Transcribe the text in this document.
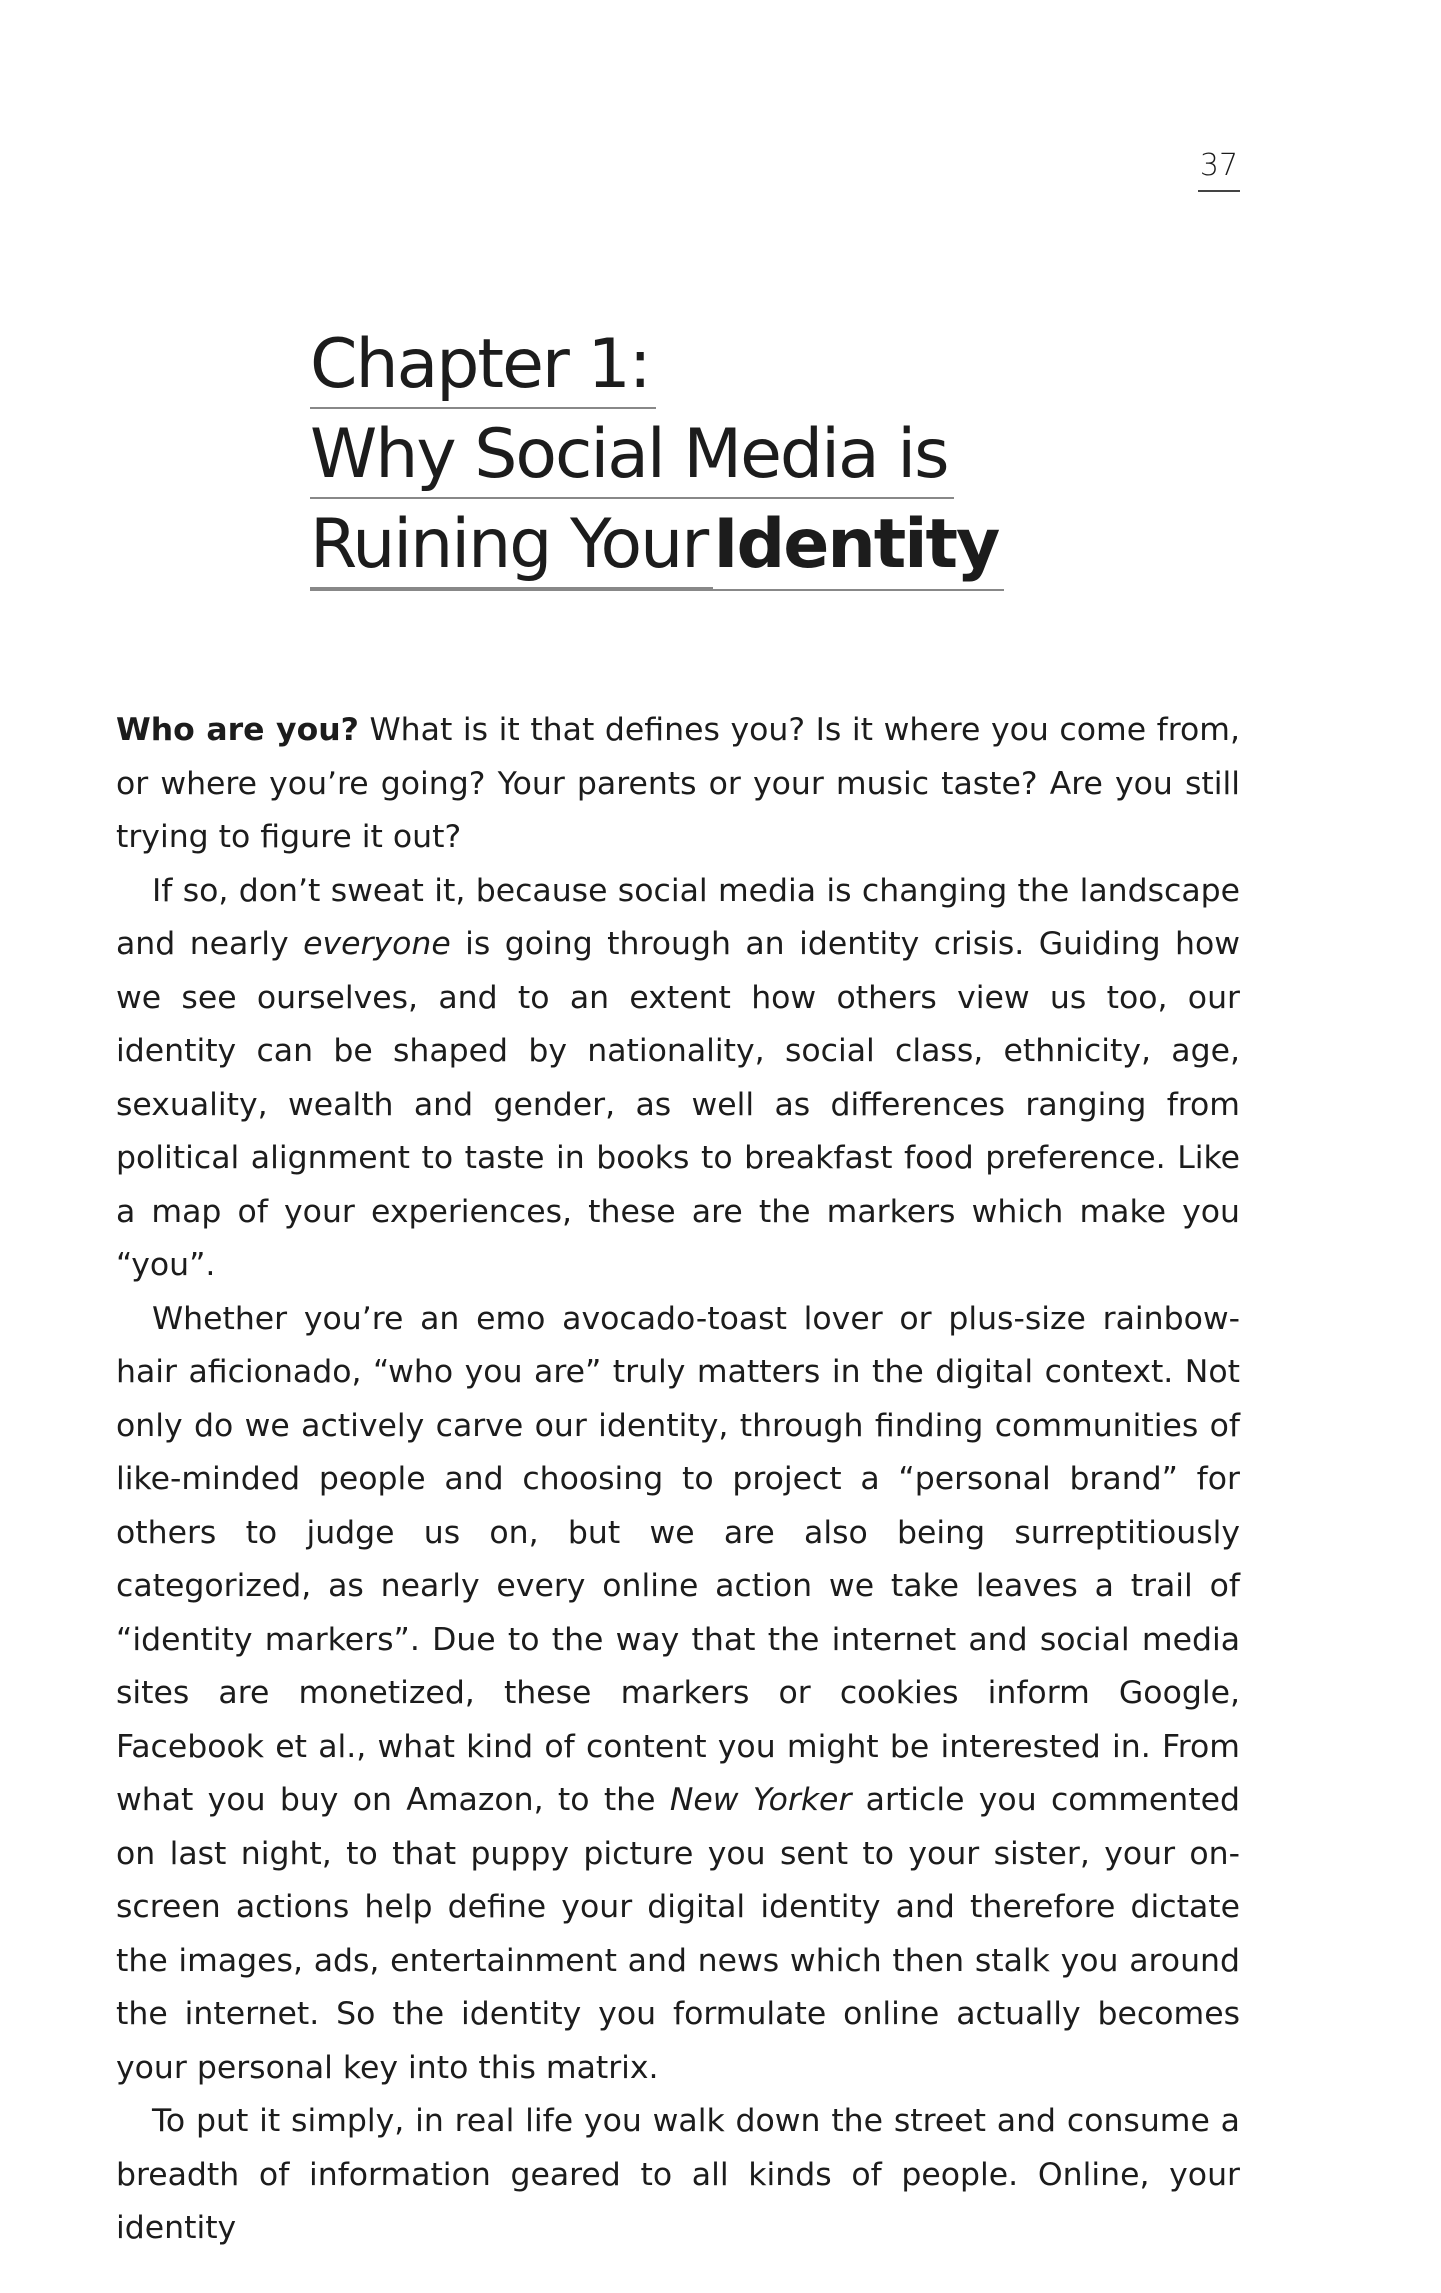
37
Chapter 1:
Why Social Media is
Ruining YourIdentity

Who are you? What is it that defines you? Is it where you come from, or where you’re going? Your parents or your music taste? Are you still trying to figure it out?

If so, don’t sweat it, because social media is changing the landscape and nearly everyone is going through an identity crisis. Guiding how we see ourselves, and to an extent how others view us too, our identity can be shaped by nationality, social class, ethnicity, age, sexuality, wealth and gender, as well as differences ranging from political alignment to taste in books to breakfast food preference. Like a map of your experiences, these are the markers which make you “you”.

Whether you’re an emo avocado-toast lover or plus-size rainbow-hair aficionado, “who you are” truly matters in the digital context. Not only do we actively carve our identity, through finding communities of like-minded people and choosing to project a “personal brand” for others to judge us on, but we are also being surreptitiously categorized, as nearly every online action we take leaves a trail of “identity markers”. Due to the way that the internet and social media sites are monetized, these markers or cookies inform Google, Facebook et al., what kind of content you might be interested in. From what you buy on Amazon, to the New Yorker article you commented on last night, to that puppy picture you sent to your sister, your on-screen actions help define your digital identity and therefore dictate the images, ads, entertainment and news which then stalk you around the internet. So the identity you formulate online actually becomes your personal key into this matrix.

To put it simply, in real life you walk down the street and consume a breadth of information geared to all kinds of people. Online, your identity
